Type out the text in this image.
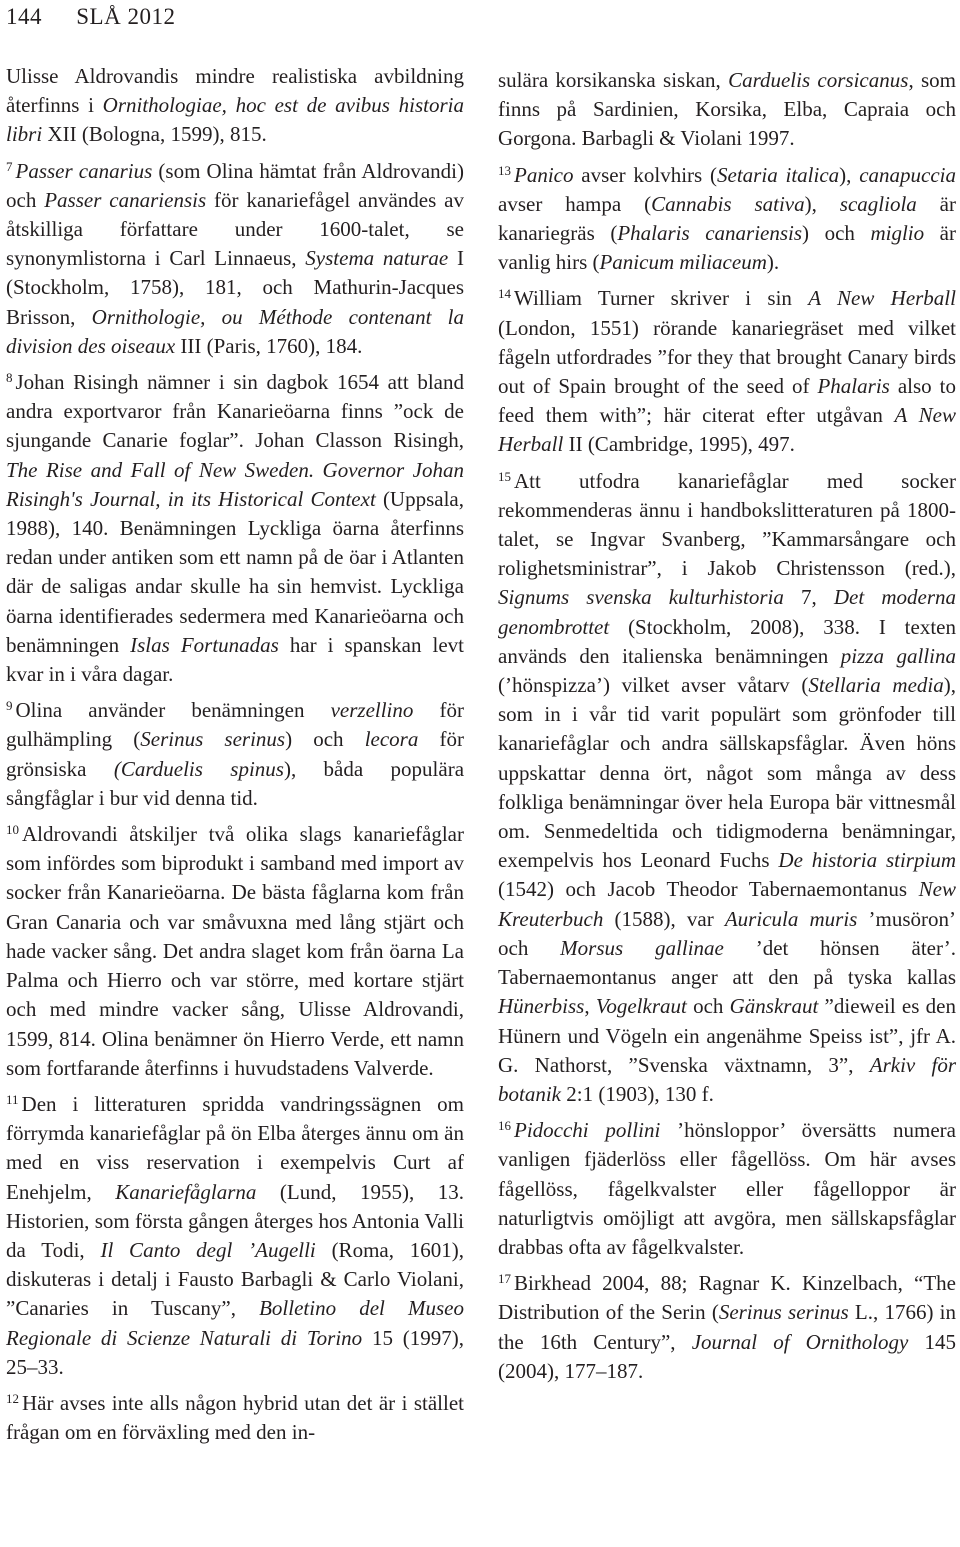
144 SLÅ 2012

Ulisse Aldrovandis mindre realistiska avbildning återfinns i Ornithologiae, hoc est de avibus historia libri XII (Bologna, 1599), 815.

$^7$ Passer canarius (som Olina hämtat från Aldrovandi) och Passer canariensis för kanariefågel användes av åtskilliga författare under 1600-talet, se synonymlistorna i Carl Linnaeus, Systema naturae I (Stockholm, 1758), 181, och Mathurin-Jacques Brisson, Ornithologie, ou Méthode contenant la division des oiseaux III (Paris, 1760), 184.

$^8$ Johan Risingh nämner i sin dagbok 1654 att bland andra exportvaror från Kanarieöarna finns ”ock de sjungande Canarie foglar”. Johan Classon Risingh, The Rise and Fall of New Sweden. Governor Johan Risingh's Journal, in its Historical Context (Uppsala, 1988), 140. Benämningen Lyckliga öarna återfinns redan under antiken som ett namn på de öar i Atlanten där de saligas andar skulle ha sin hemvist. Lyckliga öarna identifierades sedermera med Kanarieöarna och benämningen Islas Fortunadas har i spanskan levt kvar in i våra dagar.

$^9$ Olina använder benämningen verzellino för gulhämpling (Serinus serinus) och lecora för grönsiska (Carduelis spinus), båda populära sångfåglar i bur vid denna tid.

$^{10}$ Aldrovandi åtskiljer två olika slags kanariefåglar som infördes som biprodukt i samband med import av socker från Kanarieöarna. De bästa fåglarna kom från Gran Canaria och var småvuxna med lång stjärt och hade vacker sång. Det andra slaget kom från öarna La Palma och Hierro och var större, med kortare stjärt och med mindre vacker sång, Ulisse Aldrovandi, 1599, 814. Olina benämner ön Hierro Verde, ett namn som fortfarande återfinns i huvudstadens Valverde.

$^{11}$ Den i litteraturen spridda vandringssägnen om förrymda kanariefåglar på ön Elba återges ännu om än med en viss reservation i exempelvis Curt af Enehjelm, Kanariefåglarna (Lund, 1955), 13. Historien, som första gången återges hos Antonia Valli da Todi, Il Canto degl ’Augelli (Roma, 1601), diskuteras i detalj i Fausto Barbagli & Carlo Violani, ”Canaries in Tuscany”, Bolletino del Museo Regionale di Scienze Naturali di Torino 15 (1997), 25–33.

$^{12}$ Här avses inte alls någon hybrid utan det är i stället frågan om en förväxling med den in-

sulära korsikanska siskan, Carduelis corsicanus, som finns på Sardinien, Korsika, Elba, Capraia och Gorgona. Barbagli & Violani 1997.

$^{13}$ Panico avser kolvhirs (Setaria italica), canapuccia avser hampa (Cannabis sativa), scagliola är kanariegräs (Phalaris canariensis) och miglio är vanlig hirs (Panicum miliaceum).

$^{14}$ William Turner skriver i sin A New Herball (London, 1551) rörande kanariegräset med vilket fågeln utfordrades ”for they that brought Canary birds out of Spain brought of the seed of Phalaris also to feed them with”; här citerat efter utgåvan A New Herball II (Cambridge, 1995), 497.

$^{15}$ Att utfodra kanariefåglar med socker rekommenderas ännu i handbokslitteraturen på 1800-talet, se Ingvar Svanberg, ”Kammarsångare och rolighetsministrar”, i Jakob Christensson (red.), Signums svenska kulturhistoria 7, Det moderna genombrottet (Stockholm, 2008), 338. I texten används den italienska benämningen pizza gallina (’hönspizza’) vilket avser våtarv (Stellaria media), som in i vår tid varit populärt som grönfoder till kanariefåglar och andra sällskapsfåglar. Även höns uppskattar denna ört, något som många av dess folkliga benämningar över hela Europa bär vittnesmål om. Senmedeltida och tidigmoderna benämningar, exempelvis hos Leonard Fuchs De historia stirpium (1542) och Jacob Theodor Tabernaemontanus New Kreuterbuch (1588), var Auricula muris ’musöron’ och Morsus gallinae ’det hönsen äter’. Tabernaemontanus anger att den på tyska kallas Hünerbiss, Vogelkraut och Gänskraut ”dieweil es den Hünern und Vögeln ein angenähme Speiss ist”, jfr A. G. Nathorst, ”Svenska växtnamn, 3”, Arkiv för botanik 2:1 (1903), 130 f.

$^{16}$ Pidocchi pollini ’hönsloppor’ översätts numera vanligen fjäderlöss eller fågellöss. Om här avses fågellöss, fågelkvalster eller fågelloppor är naturligtvis omöjligt att avgöra, men sällskapsfåglar drabbas ofta av fågelkvalster.

$^{17}$ Birkhead 2004, 88; Ragnar K. Kinzelbach, “The Distribution of the Serin (Serinus serinus L., 1766) in the 16th Century”, Journal of Ornithology 145 (2004), 177–187.
